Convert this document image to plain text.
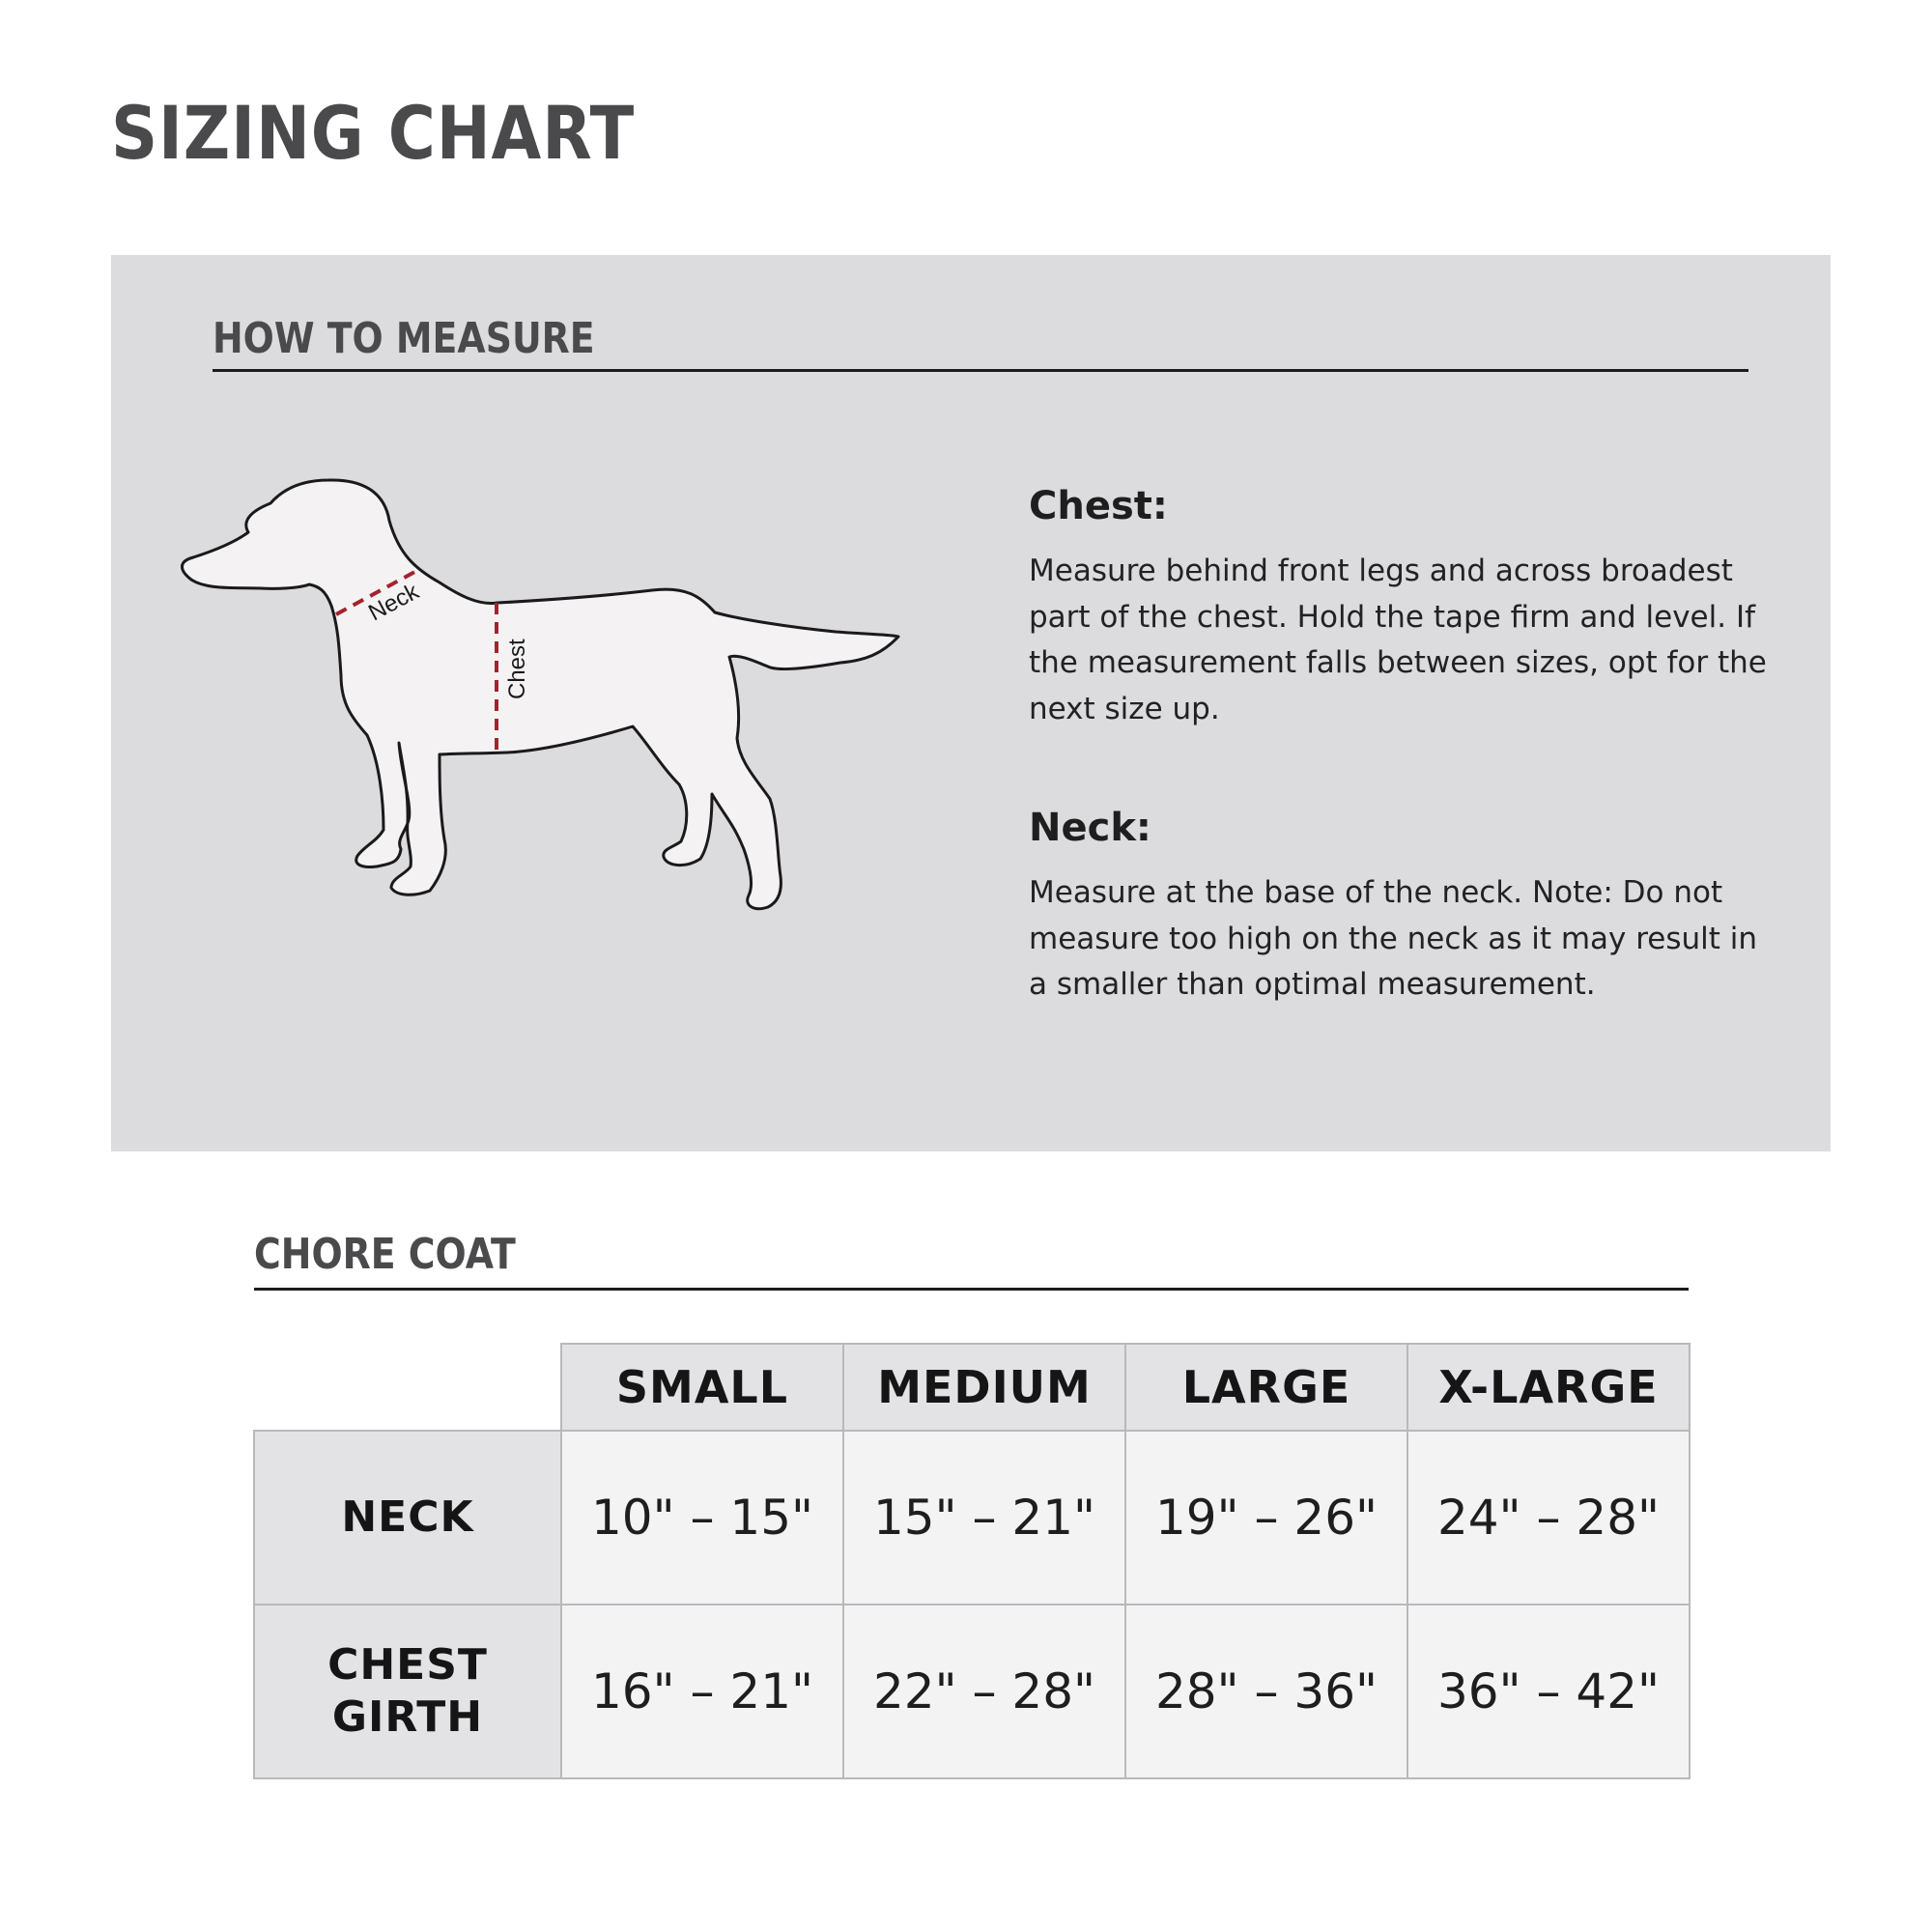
SIZING CHART
HOW TO MEASURE
Neck
Chest

Chest:

Measure behind front legs and across broadest part of the chest. Hold the tape firm and level. If the measurement falls between sizes, opt for the next size up.

Neck:

Measure at the base of the neck. Note: Do not measure too high on the neck as it may result in a smaller than optimal measurement.

CHORE COAT
	SMALL	MEDIUM	LARGE	X-LARGE
NECK	10" – 15"	15" – 21"	19" – 26"	24" – 28"
CHEST
GIRTH	16" – 21"	22" – 28"	28" – 36"	36" – 42"
